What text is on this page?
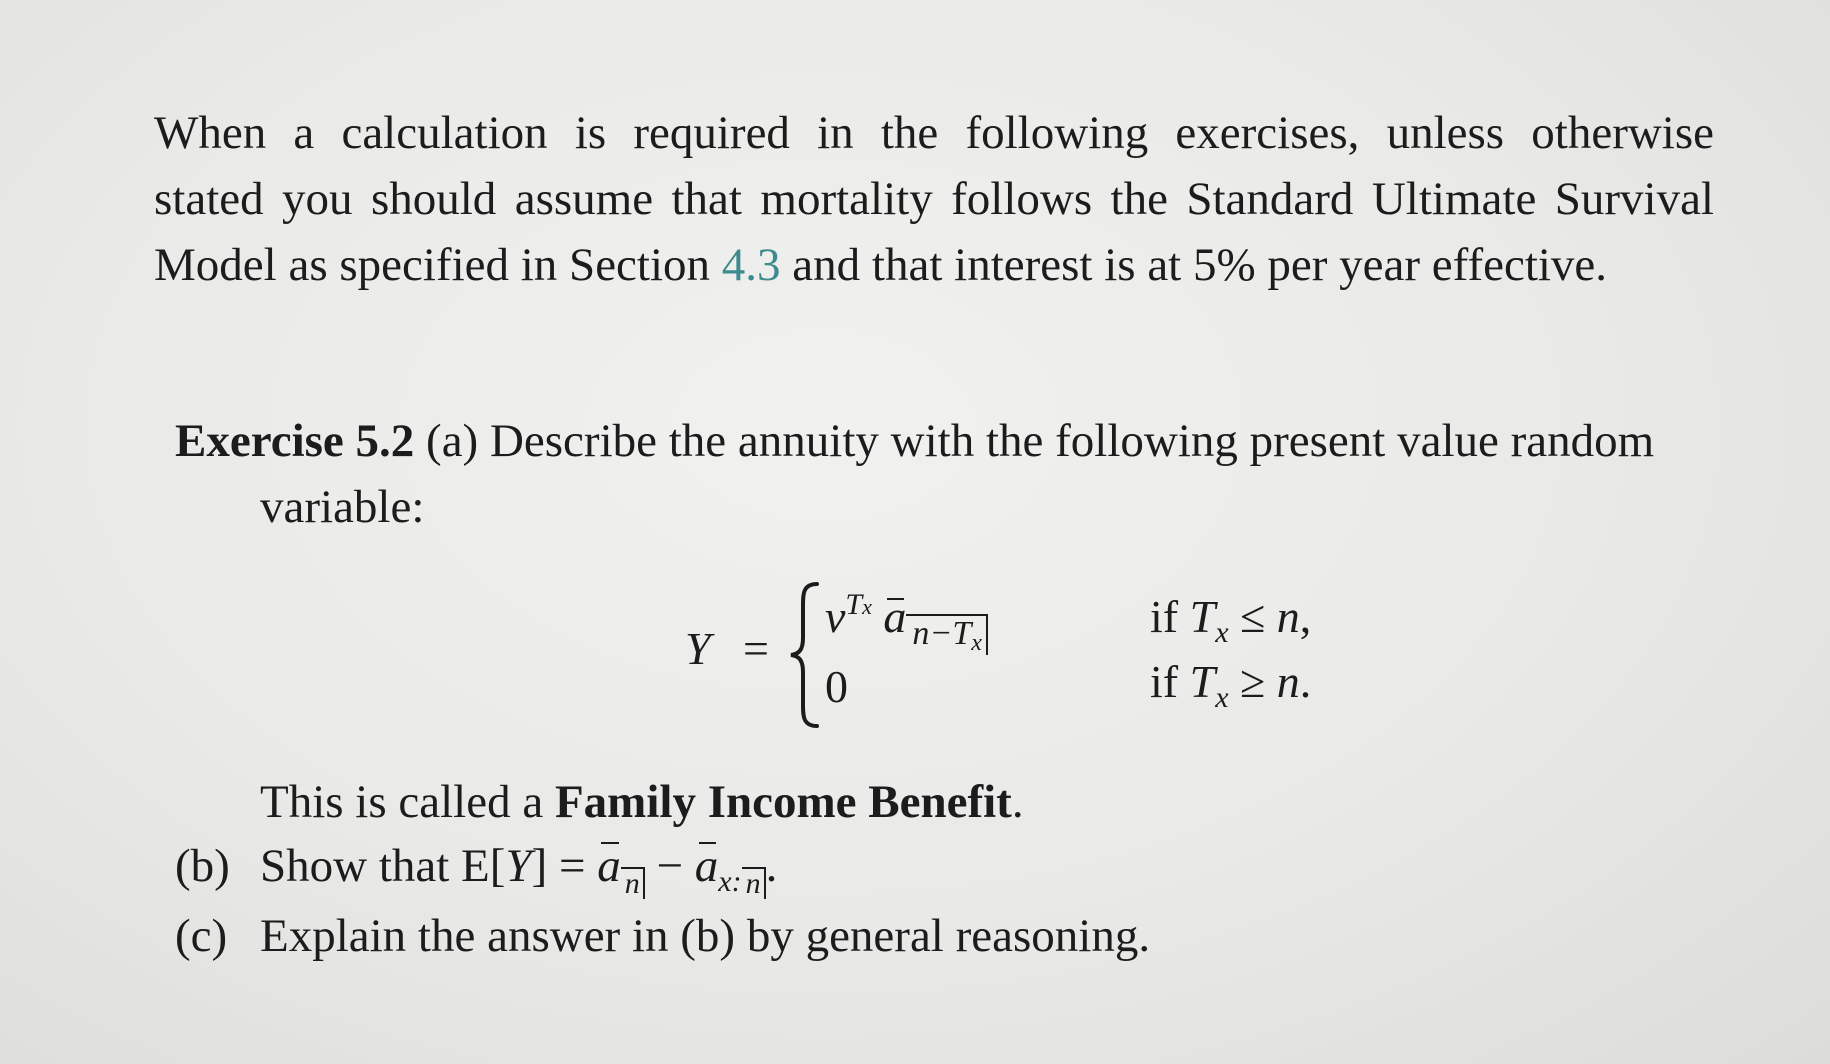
When a calculation is required in the following exercises, unless otherwise
stated you should assume that mortality follows the Standard Ultimate Survival
Model as specified in Section 4.3 and that interest is at 5% per year effective.
Exercise 5.2 (a) Describe the annuity with the following present value random
variable:
Y =
$v^{Tx}$ a n−Tx
0
if $T_x \le n$,
if $T_x \ge n$.
This is called a Family Income Benefit.
(b) Show that E[Y] = a $n - a_{x:}$ n .
(c) Explain the answer in (b) by general reasoning.
